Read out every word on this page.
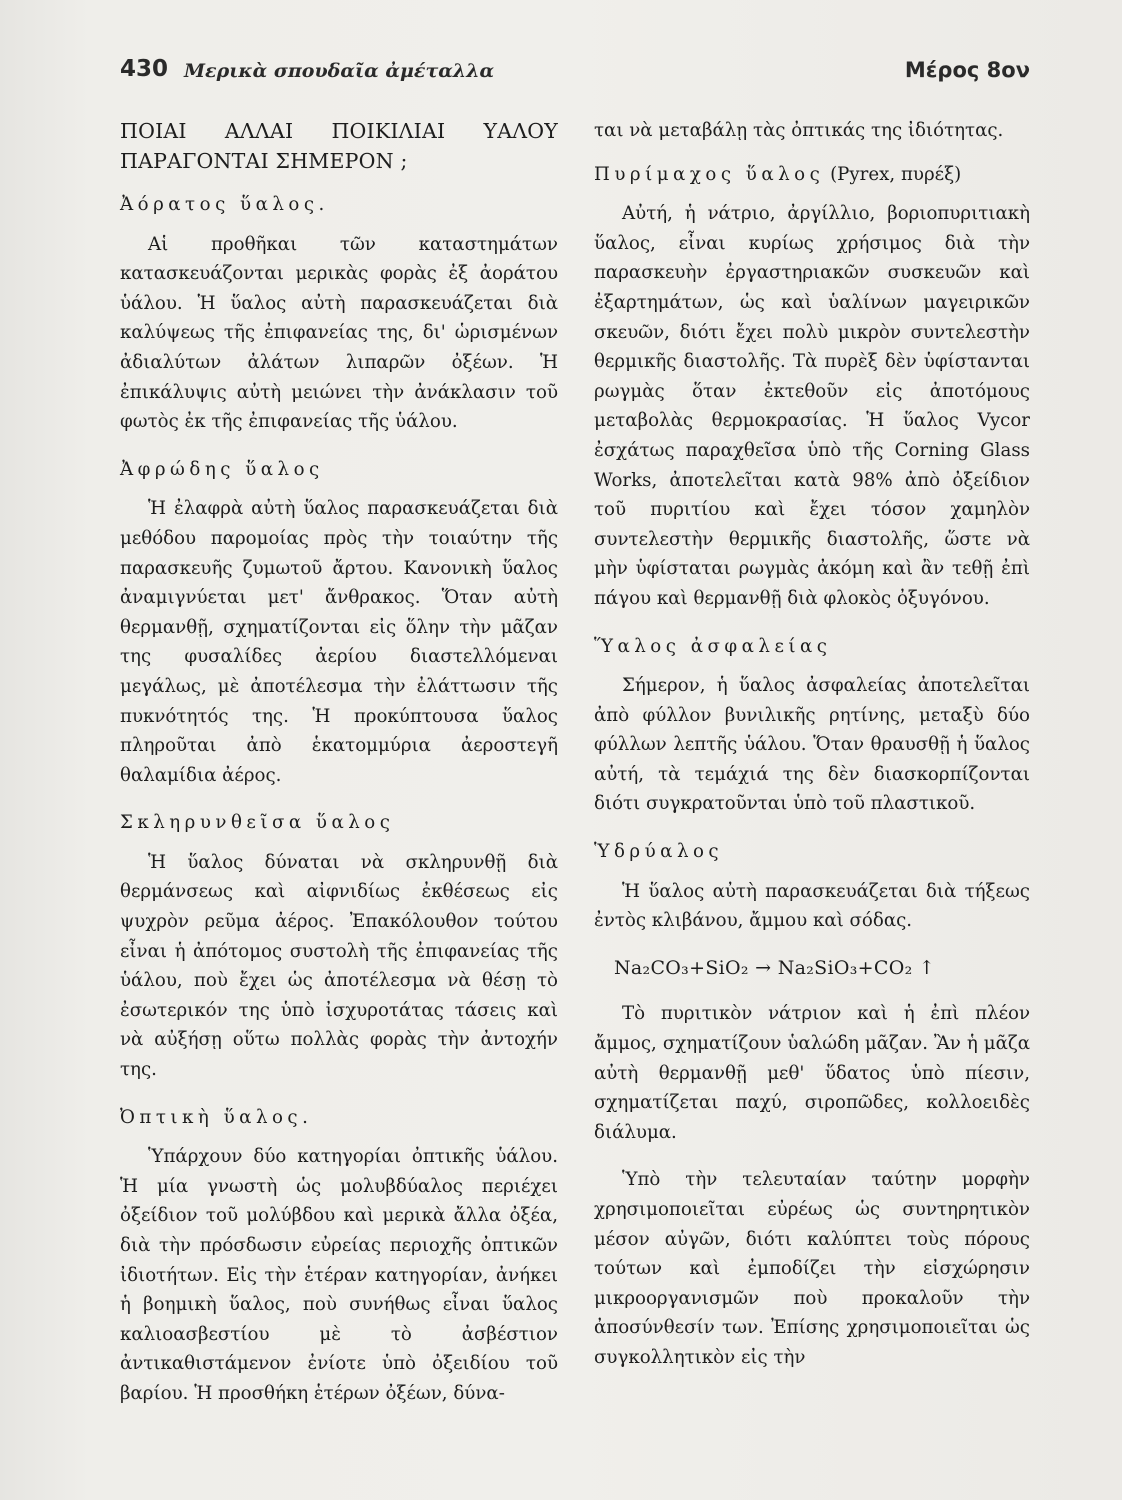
430 Μερικὰ σπουδαῖα ἀμέταλλα	Μέρος 8ον
ΠΟΙΑΙ ΑΛΛΑΙ ΠΟΙΚΙΛΙΑΙ ΥΑΛΟΥ ΠΑΡΑΓΟΝΤΑΙ ΣΗΜΕΡΟΝ ;
Ἀόρατος ὕαλος.
Αἱ προθῆκαι τῶν καταστημάτων κατασκευάζονται μερικὰς φορὰς ἐξ ἀοράτου ὑάλου. Ἡ ὕαλος αὐτὴ παρασκευάζεται διὰ καλύψεως τῆς ἐπιφανείας της, δι' ὡρισμένων ἀδιαλύτων ἀλάτων λιπαρῶν ὀξέων. Ἡ ἐπικάλυψις αὐτὴ μειώνει τὴν ἀνάκλασιν τοῦ φωτὸς ἐκ τῆς ἐπιφανείας τῆς ὑάλου.
Ἀφρώδης ὕαλος
Ἡ ἐλαφρὰ αὐτὴ ὕαλος παρασκευάζεται διὰ μεθόδου παρομοίας πρὸς τὴν τοιαύτην τῆς παρασκευῆς ζυμωτοῦ ἄρτου. Κανονικὴ ὕαλος ἀναμιγνύεται μετ' ἄνθρακος. Ὅταν αὐτὴ θερμανθῇ, σχηματίζονται εἰς ὅλην τὴν μᾶζαν της φυσαλίδες ἀερίου διαστελλόμεναι μεγάλως, μὲ ἀποτέλεσμα τὴν ἐλάττωσιν τῆς πυκνότητός της. Ἡ προκύπτουσα ὕαλος πληροῦται ἀπὸ ἑκατομμύρια ἀεροστεγῆ θαλαμίδια ἀέρος.
Σκληρυνθεῖσα ὕαλος
Ἡ ὕαλος δύναται νὰ σκληρυνθῇ διὰ θερμάνσεως καὶ αἰφνιδίως ἐκθέσεως εἰς ψυχρὸν ρεῦμα ἀέρος. Ἐπακόλουθον τούτου εἶναι ἡ ἀπότομος συστολὴ τῆς ἐπιφανείας τῆς ὑάλου, ποὺ ἔχει ὡς ἀποτέλεσμα νὰ θέσῃ τὸ ἐσωτερικόν της ὑπὸ ἰσχυροτάτας τάσεις καὶ νὰ αὐξήσῃ οὕτω πολλὰς φορὰς τὴν ἀντοχήν της.
Ὀπτικὴ ὕαλος.
Ὑπάρχουν δύο κατηγορίαι ὀπτικῆς ὑάλου. Ἡ μία γνωστὴ ὡς μολυβδύαλος περιέχει ὀξείδιον τοῦ μολύβδου καὶ μερικὰ ἄλλα ὀξέα, διὰ τὴν πρόσδωσιν εὐρείας περιοχῆς ὀπτικῶν ἰδιοτήτων. Εἰς τὴν ἑτέραν κατηγορίαν, ἀνήκει ἡ βοημικὴ ὕαλος, ποὺ συνήθως εἶναι ὕαλος καλιοασβεστίου μὲ τὸ ἀσβέστιον ἀντικαθιστάμενον ἐνίοτε ὑπὸ ὀξειδίου τοῦ βαρίου. Ἡ προσθήκη ἑτέρων ὀξέων, δύνα-
ται νὰ μεταβάλῃ τὰς ὀπτικάς της ἰδιότητας.
Πυρίμαχος ὕαλος (Pyrex, πυρέξ)
Αὐτή, ἡ νάτριο, ἀργίλλιο, βοριοπυριτιακὴ ὕαλος, εἶναι κυρίως χρήσιμος διὰ τὴν παρασκευὴν ἐργαστηριακῶν συσκευῶν καὶ ἐξαρτημάτων, ὡς καὶ ὑαλίνων μαγειρικῶν σκευῶν, διότι ἔχει πολὺ μικρὸν συντελεστὴν θερμικῆς διαστολῆς. Τὰ πυρὲξ δὲν ὑφίστανται ρωγμὰς ὅταν ἐκτεθοῦν εἰς ἀποτόμους μεταβολὰς θερμοκρασίας. Ἡ ὕαλος Vycor ἐσχάτως παραχθεῖσα ὑπὸ τῆς Corning Glass Works, ἀποτελεῖται κατὰ 98% ἀπὸ ὀξείδιον τοῦ πυριτίου καὶ ἔχει τόσον χαμηλὸν συντελεστὴν θερμικῆς διαστολῆς, ὥστε νὰ μὴν ὑφίσταται ρωγμὰς ἀκόμη καὶ ἂν τεθῇ ἐπὶ πάγου καὶ θερμανθῇ διὰ φλοκὸς ὀξυγόνου.
Ὕαλος ἀσφαλείας
Σήμερον, ἡ ὕαλος ἀσφαλείας ἀποτελεῖται ἀπὸ φύλλον βυνιλικῆς ρητίνης, μεταξὺ δύο φύλλων λεπτῆς ὑάλου. Ὅταν θραυσθῇ ἡ ὕαλος αὐτή, τὰ τεμάχιά της δὲν διασκορπίζονται διότι συγκρατοῦνται ὑπὸ τοῦ πλαστικοῦ.
Ὑδρύαλος
Ἡ ὕαλος αὐτὴ παρασκευάζεται διὰ τήξεως ἐντὸς κλιβάνου, ἄμμου καὶ σόδας.
Na₂CO₃+SiO₂ → Na₂SiO₃+CO₂ ↑
Τὸ πυριτικὸν νάτριον καὶ ἡ ἐπὶ πλέον ἄμμος, σχηματίζουν ὑαλώδη μᾶζαν. Ἂν ἡ μᾶζα αὐτὴ θερμανθῇ μεθ' ὕδατος ὑπὸ πίεσιν, σχηματίζεται παχύ, σιροπῶδες, κολλοειδὲς διάλυμα.
Ὑπὸ τὴν τελευταίαν ταύτην μορφὴν χρησιμοποιεῖται εὐρέως ὡς συντηρητικὸν μέσον αὐγῶν, διότι καλύπτει τοὺς πόρους τούτων καὶ ἐμποδίζει τὴν εἰσχώρησιν μικροοργανισμῶν ποὺ προκαλοῦν τὴν ἀποσύνθεσίν των. Ἐπίσης χρησιμοποιεῖται ὡς συγκολλητικὸν εἰς τὴν
